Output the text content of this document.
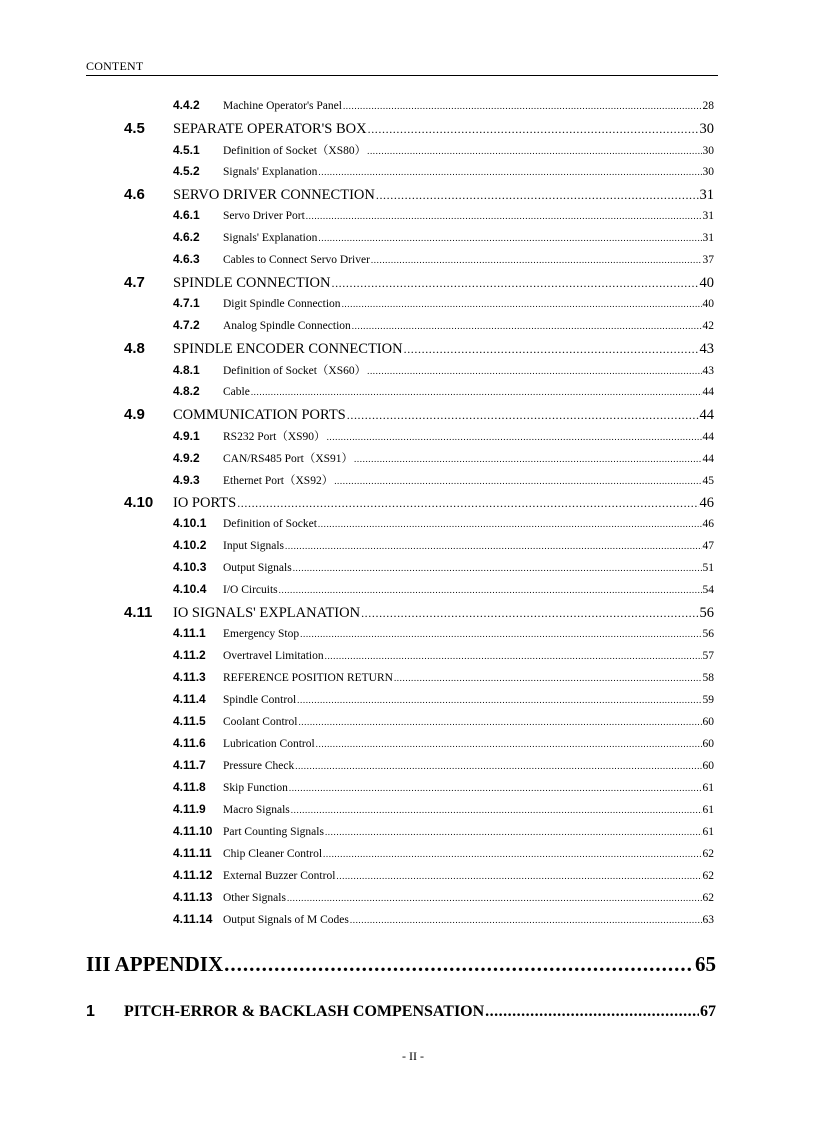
CONTENT
4.4.2	Machine Operator's Panel .....	28
4.5	SEPARATE OPERATOR'S BOX .....	30
4.5.1	Definition of Socket（XS80） .....	30
4.5.2	Signals' Explanation .....	30
4.6	SERVO DRIVER CONNECTION .....	31
4.6.1	Servo Driver Port .....	31
4.6.2	Signals' Explanation .....	31
4.6.3	Cables to Connect Servo Driver .....	37
4.7	SPINDLE CONNECTION .....	40
4.7.1	Digit Spindle Connection .....	40
4.7.2	Analog Spindle Connection .....	42
4.8	SPINDLE ENCODER CONNECTION .....	43
4.8.1	Definition of Socket（XS60） .....	43
4.8.2	Cable .....	44
4.9	COMMUNICATION PORTS .....	44
4.9.1	RS232 Port（XS90） .....	44
4.9.2	CAN/RS485 Port（XS91） .....	44
4.9.3	Ethernet Port（XS92） .....	45
4.10	IO PORTS .....	46
4.10.1	Definition of Socket .....	46
4.10.2	Input Signals .....	47
4.10.3	Output Signals .....	51
4.10.4	I/O Circuits .....	54
4.11	IO SIGNALS' EXPLANATION .....	56
4.11.1	Emergency Stop .....	56
4.11.2	Overtravel Limitation .....	57
4.11.3	REFERENCE POSITION RETURN .....	58
4.11.4	Spindle Control .....	59
4.11.5	Coolant Control .....	60
4.11.6	Lubrication Control .....	60
4.11.7	Pressure Check .....	60
4.11.8	Skip Function .....	61
4.11.9	Macro Signals .....	61
4.11.10 Part Counting Signals .....	61
4.11.11 Chip Cleaner Control .....	62
4.11.12 External Buzzer Control .....	62
4.11.13 Other Signals .....	62
4.11.14 Output Signals of M Codes .....	63
III APPENDIX .....	65
1	PITCH-ERROR & BACKLASH COMPENSATION .....	67
- II -
